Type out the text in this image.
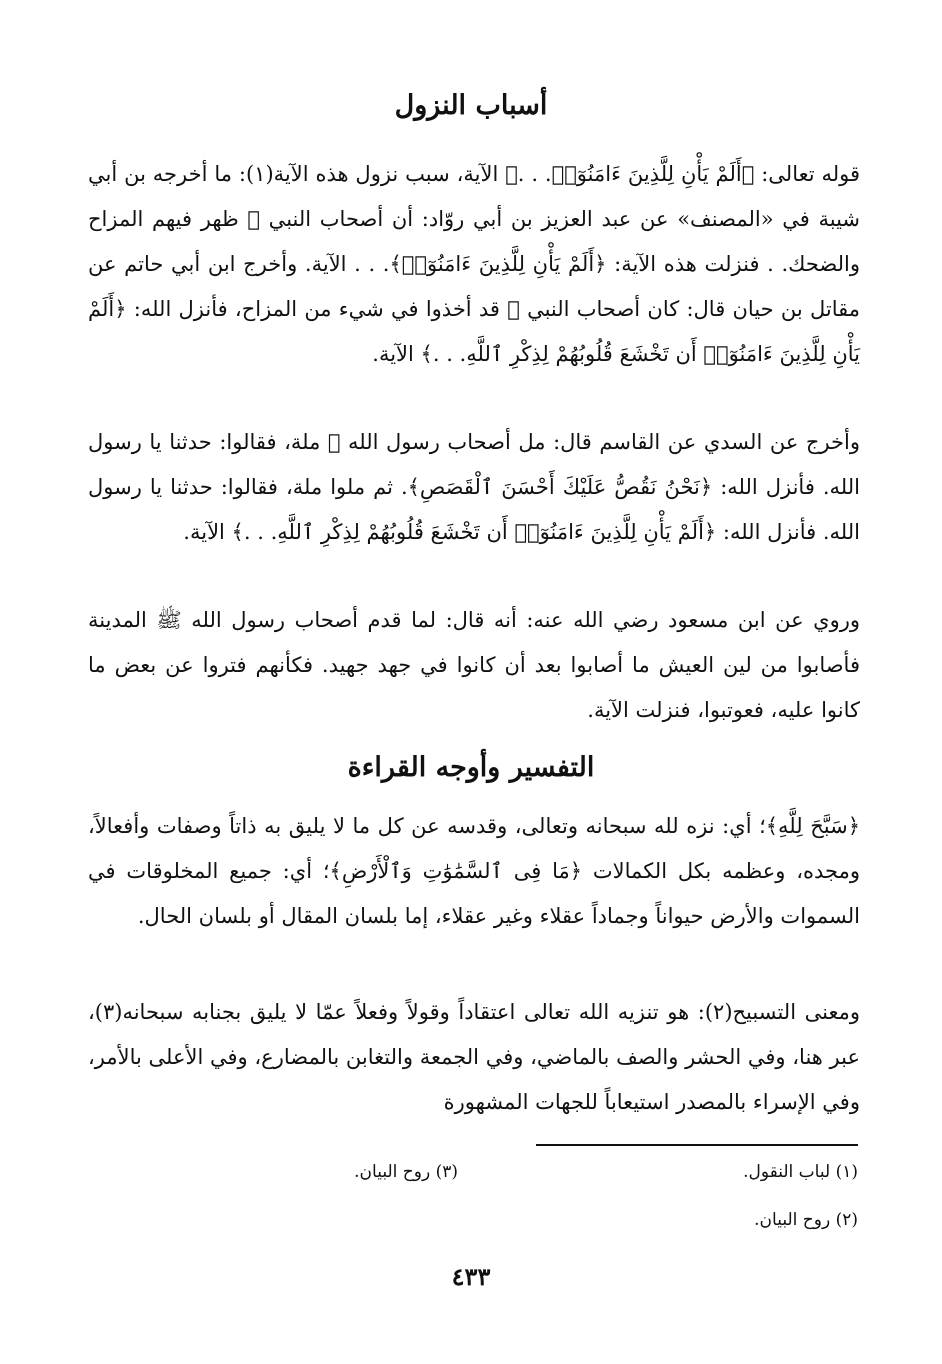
أسباب النزول
قوله تعالى: ﴿أَلَمْ يَأْنِ لِلَّذِينَ ءَامَنُوٓا۟. . .﴾ الآية، سبب نزول هذه الآية(١): ما أخرجه بن أبي شيبة في «المصنف» عن عبد العزيز بن أبي روّاد: أن أصحاب النبي ﷺ ظهر فيهم المزاح والضحك. . فنزلت هذه الآية: ﴿أَلَمْ يَأْنِ لِلَّذِينَ ءَامَنُوٓا۟﴾. . . الآية. وأخرج ابن أبي حاتم عن مقاتل بن حيان قال: كان أصحاب النبي ﷺ قد أخذوا في شيء من المزاح، فأنزل الله: ﴿أَلَمْ يَأْنِ لِلَّذِينَ ءَامَنُوٓا۟ أَن تَخْشَعَ قُلُوبُهُمْ لِذِكْرِ ٱللَّهِ. . .﴾ الآية.
وأخرج عن السدي عن القاسم قال: مل أصحاب رسول الله ﷺ ملة، فقالوا: حدثنا يا رسول الله. فأنزل الله: ﴿نَحْنُ نَقُصُّ عَلَيْكَ أَحْسَنَ ٱلْقَصَصِ﴾. ثم ملوا ملة، فقالوا: حدثنا يا رسول الله. فأنزل الله: ﴿أَلَمْ يَأْنِ لِلَّذِينَ ءَامَنُوٓا۟ أَن تَخْشَعَ قُلُوبُهُمْ لِذِكْرِ ٱللَّهِ. . .﴾ الآية.
وروي عن ابن مسعود رضي الله عنه: أنه قال: لما قدم أصحاب رسول الله ﷺ المدينة فأصابوا من لين العيش ما أصابوا بعد أن كانوا في جهد جهيد. فكأنهم فتروا عن بعض ما كانوا عليه، فعوتبوا، فنزلت الآية.
التفسير وأوجه القراءة
﴿سَبَّحَ لِلَّهِ﴾؛ أي: نزه لله سبحانه وتعالى، وقدسه عن كل ما لا يليق به ذاتاً وصفات وأفعالاً، ومجده، وعظمه بكل الكمالات ﴿مَا فِى ٱلسَّمَٰوَٰتِ وَٱلْأَرْضِ﴾؛ أي: جميع المخلوقات في السموات والأرض حيواناً وجماداً عقلاء وغير عقلاء، إما بلسان المقال أو بلسان الحال.
ومعنى التسبيح(٢): هو تنزيه الله تعالى اعتقاداً وقولاً وفعلاً عمّا لا يليق بجنابه سبحانه(٣)، عبر هنا، وفي الحشر والصف بالماضي، وفي الجمعة والتغابن بالمضارع، وفي الأعلى بالأمر، وفي الإسراء بالمصدر استيعاباً للجهات المشهورة
(١) لباب النقول.
(٢) روح البيان.
(٣) روح البيان.
٤٣٣
